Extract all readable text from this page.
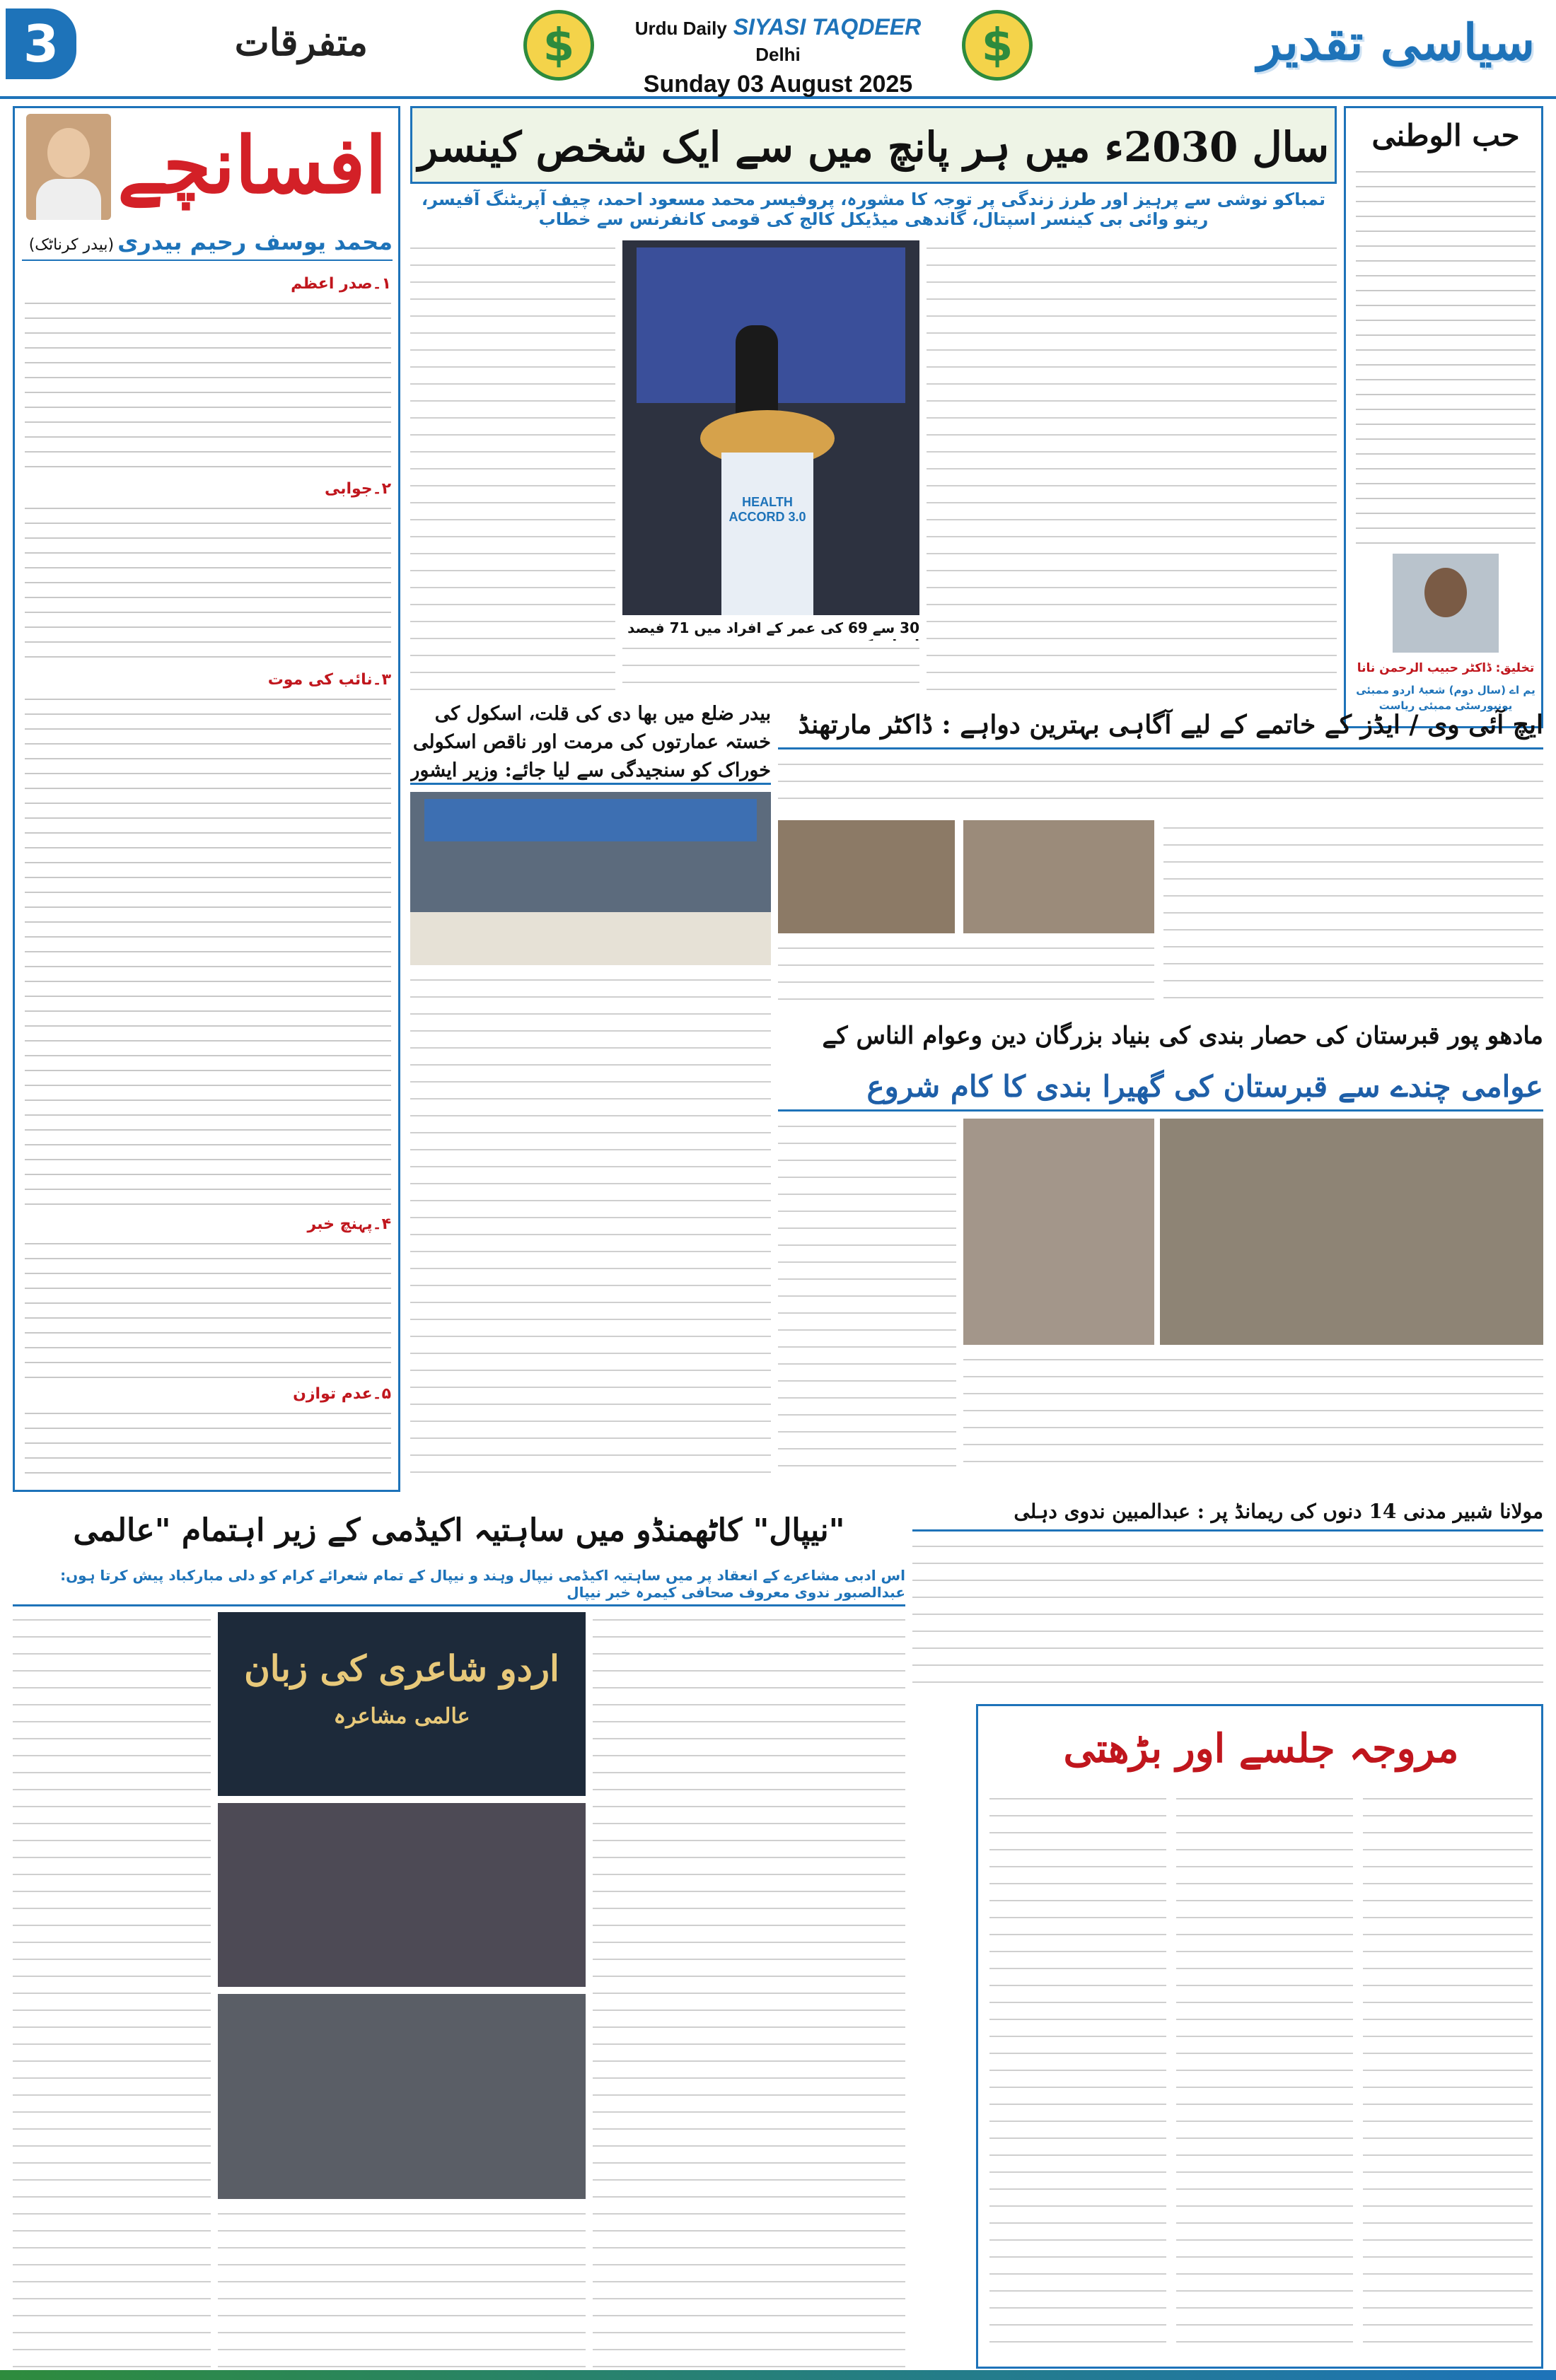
3	متفرقات	$	Urdu Daily SIYASI TAQDEER Delhi
Sunday 03 August 2025
$	سیاسی تقدیر
افسانچے
محمد یوسف رحیم بیدری (بیدر کرناٹک)
۱۔صدر اعظم
۲۔جوابی
۳۔نائب کی موت
۴۔پہنچ خبر
۵۔عدم توازن
سال 2030ء میں ہر پانچ میں سے ایک شخص کینسر
تمباکو نوشی سے پرہیز اور طرز زندگی پر توجہ کا مشورہ، پروفیسر محمد مسعود احمد، چیف آپریٹنگ آفیسر، رینو وائی بی کینسر اسپتال، گاندھی میڈیکل کالج کی قومی کانفرنس سے خطاب
HEALTH ACCORD 3.0
30 سے 69 کی عمر کے افراد میں 71 فیصد
حب الوطنی
تخلیق: ڈاکٹر حبیب الرحمن نانا
یم اے (سال دوم) شعبۂ اردو ممبئی یونیورسٹی ممبئی ریاست
ایچ آئی وی / ایڈز کے خاتمے کے لیے آگاہی بہترین دواہے : ڈاکٹر مارتھنڈ
بیدر ضلع میں بھا دی کی قلت، اسکول کی خستہ عمارتوں کی مرمت اور ناقص اسکولی خوراک کو سنجیدگی سے لیا جائے: وزیر ایشور
مادھو پور قبرستان کی حصار بندی کی بنیاد بزرگان دین وعوام الناس کے
عوامی چندے سے قبرستان کی گھیرا بندی کا کام شروع
مولانا شبیر مدنی 14 دنوں کی ریمانڈ پر : عبدالمبین ندوی دہلی
"نیپال" کاٹھمنڈو میں ساہتیہ اکیڈمی کے زیر اہتمام "عالمی
اس ادبی مشاعرے کے انعقاد پر میں ساہتیہ اکیڈمی نیپال وہند و نیپال کے تمام شعرائے کرام کو دلی مبارکباد پیش کرتا ہوں: عبدالصبور ندوی معروف صحافی کیمرہ خبر نیپال
اردو شاعری کی زبان
عالمی مشاعرہ
مروجہ جلسے اور بڑھتی
